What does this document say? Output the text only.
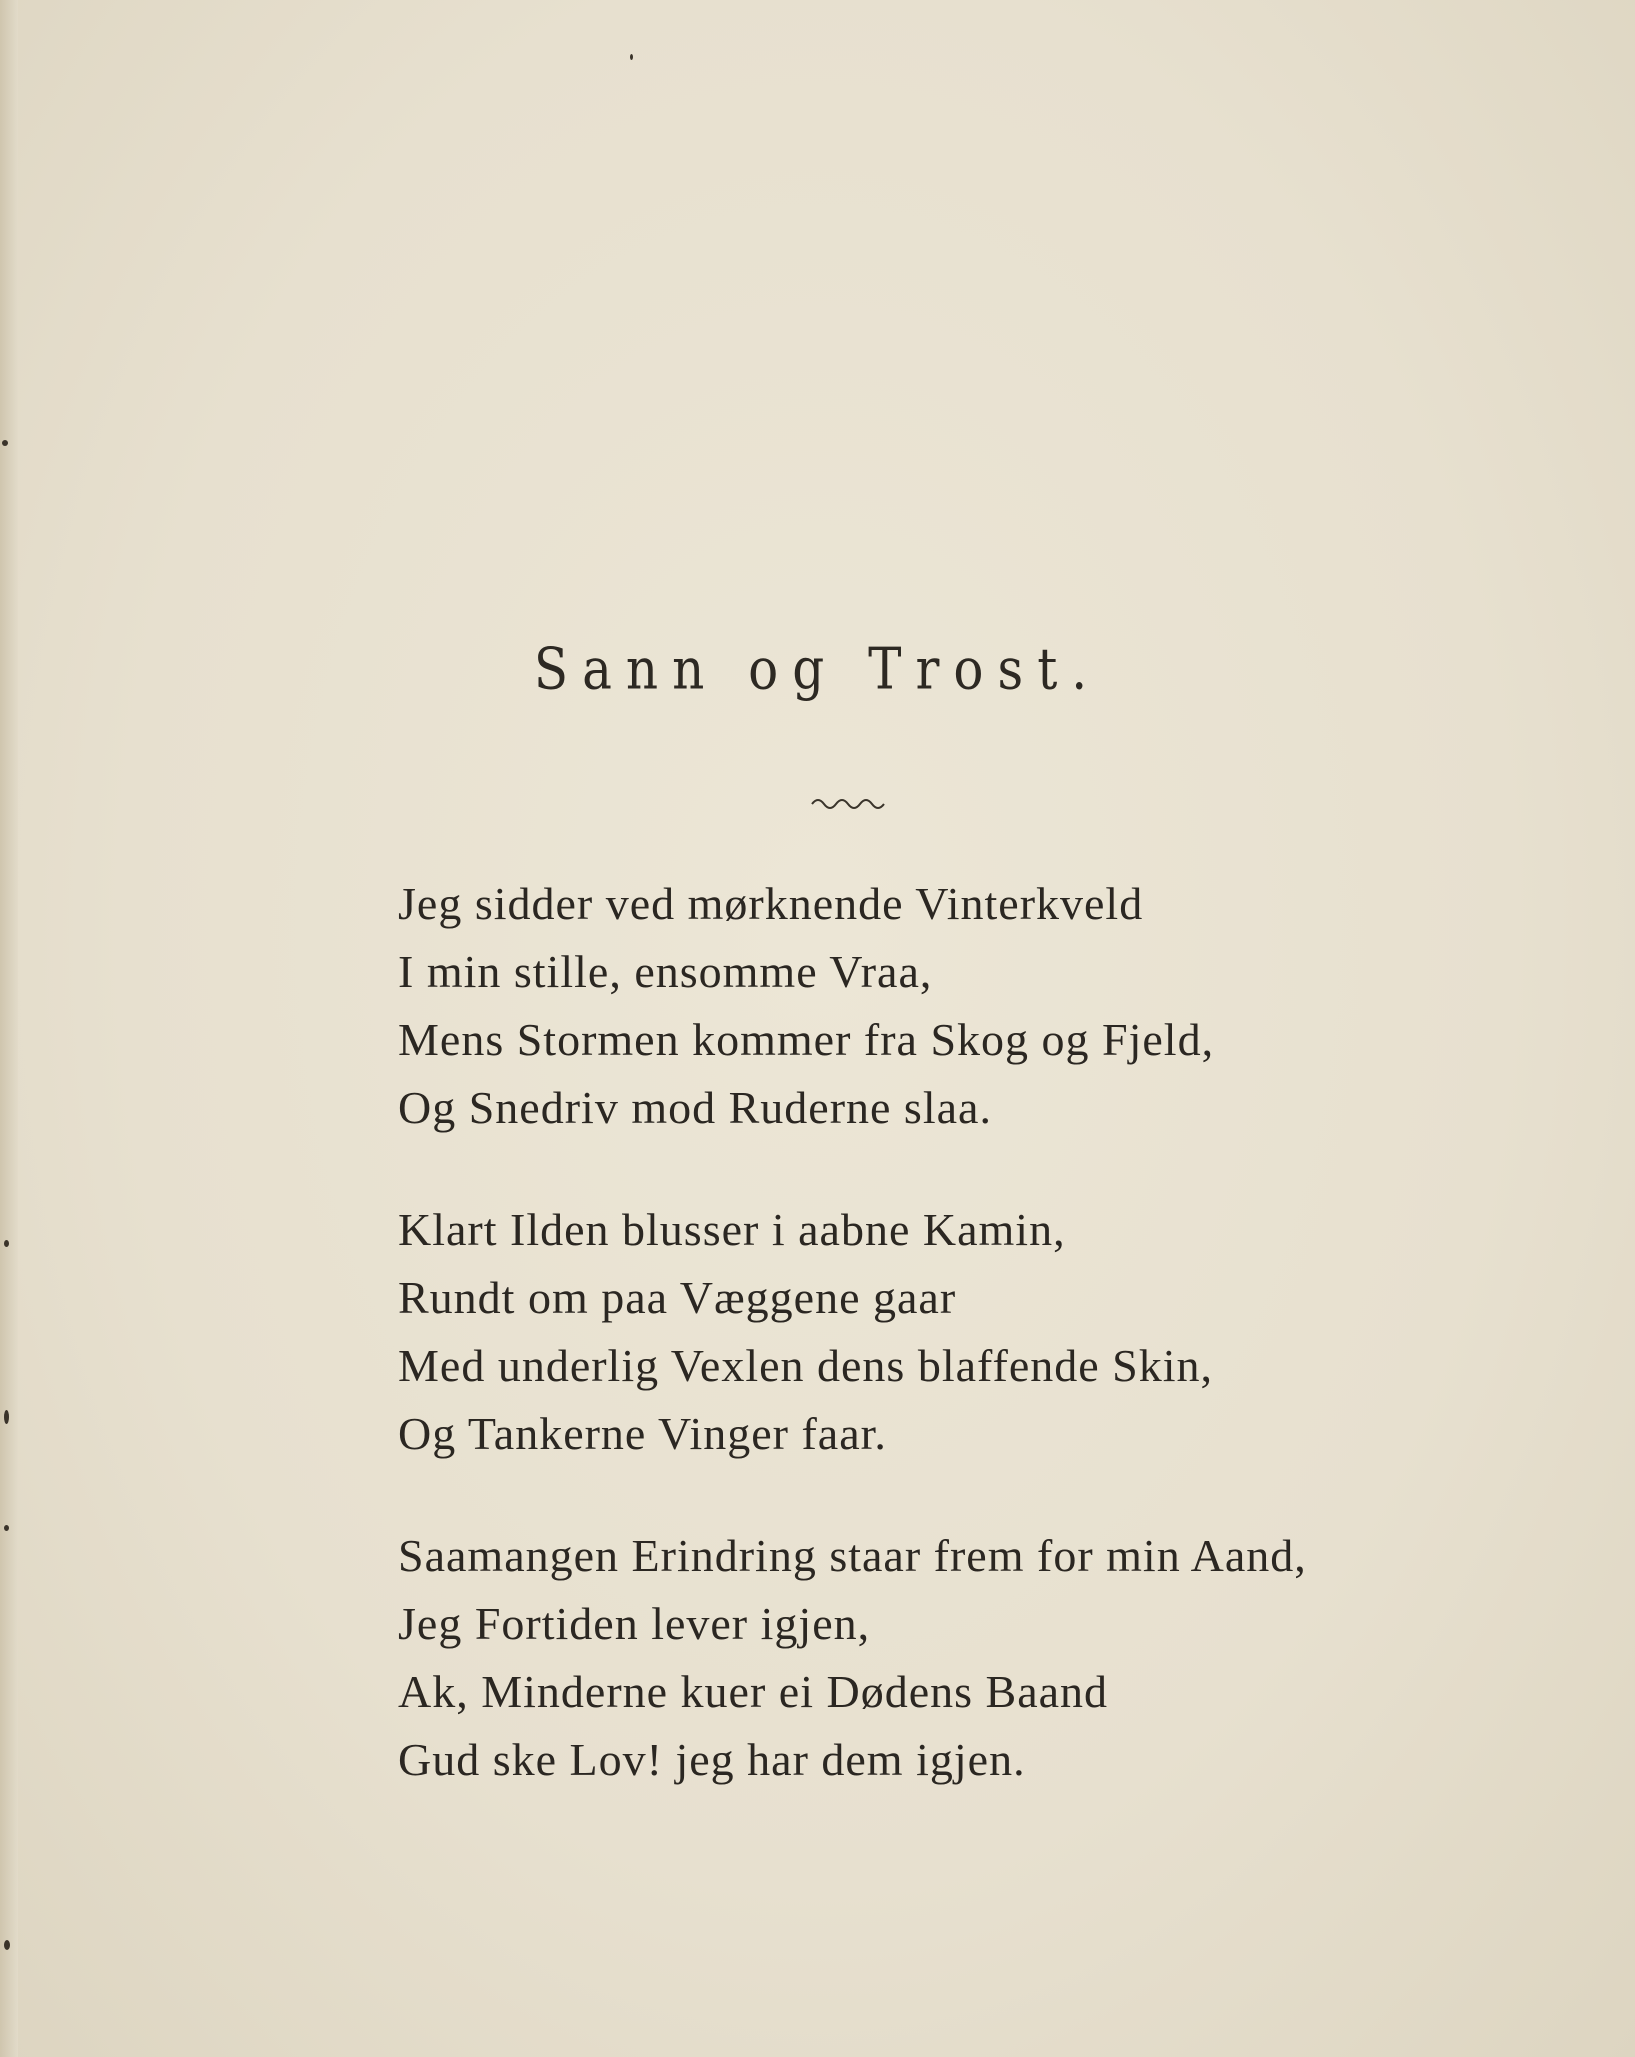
Sann og Trost.
Jeg sidder ved mørknende Vinterkveld
I min stille, ensomme Vraa,
Mens Stormen kommer fra Skog og Fjeld,
Og Snedriv mod Ruderne slaa.
Klart Ilden blusser i aabne Kamin,
Rundt om paa Væggene gaar
Med underlig Vexlen dens blaffende Skin,
Og Tankerne Vinger faar.
Saamangen Erindring staar frem for min Aand,
Jeg Fortiden lever igjen,
Ak, Minderne kuer ei Dødens Baand
Gud ske Lov! jeg har dem igjen.
